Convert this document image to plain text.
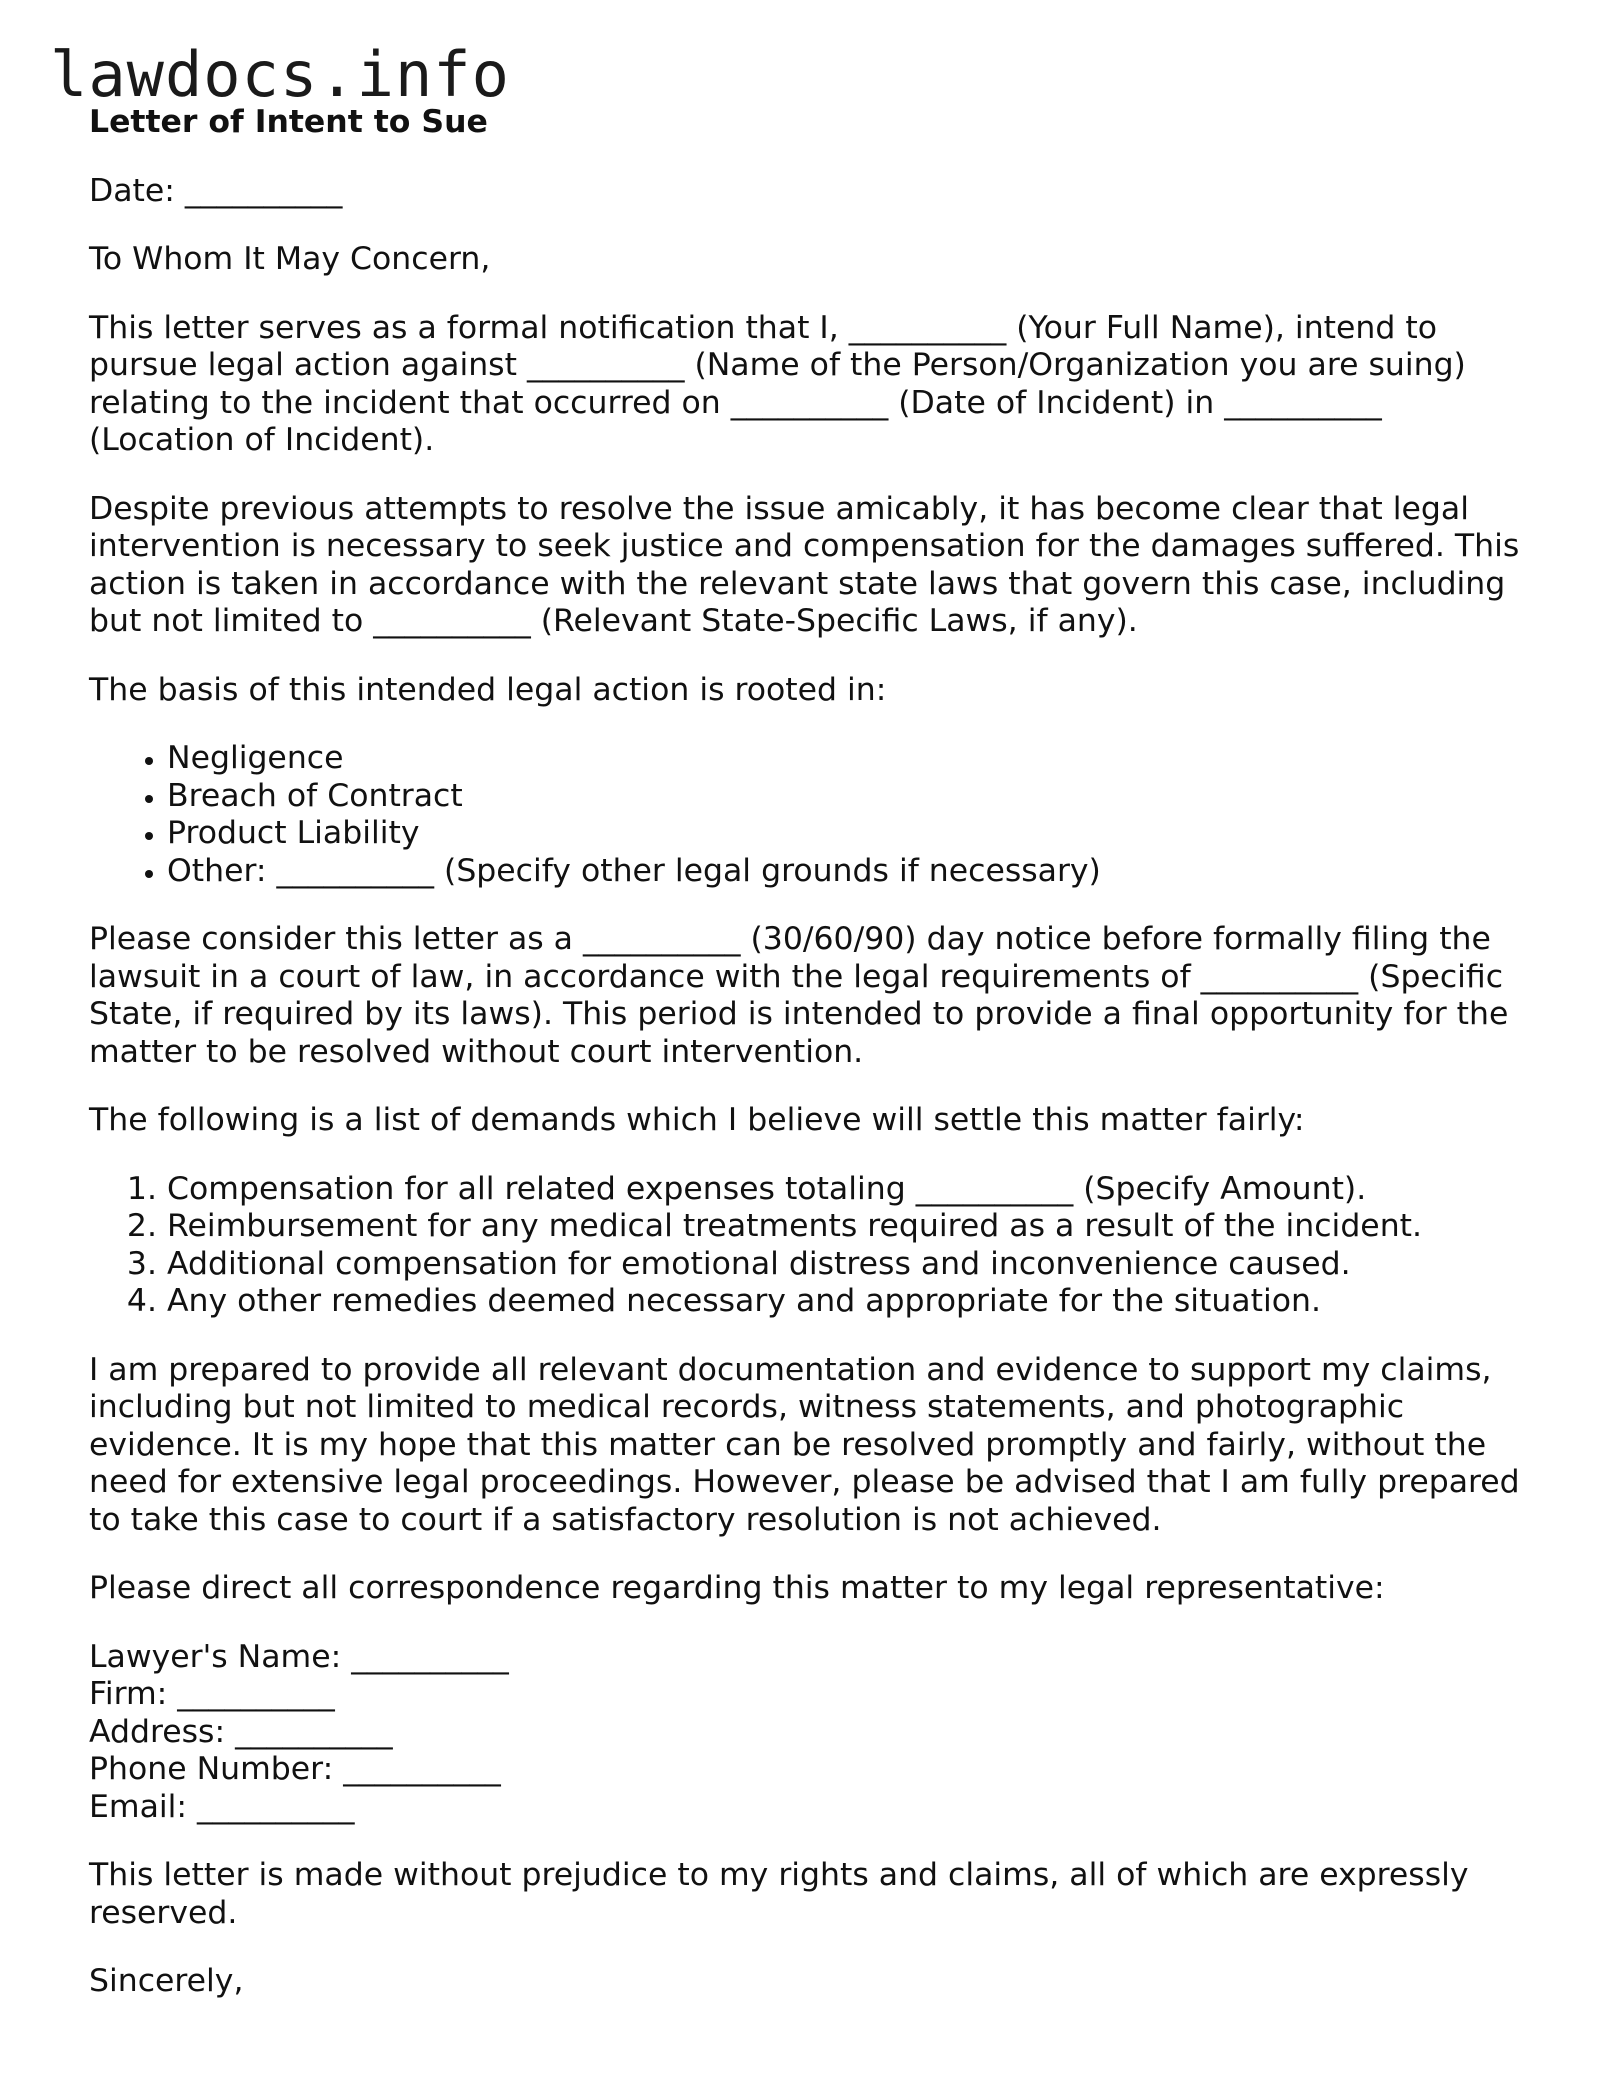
lawdocs.info
Letter of Intent to Sue

Date: __________

To Whom It May Concern,

This letter serves as a formal notification that I, __________ (Your Full Name), intend to pursue legal action against __________ (Name of the Person/Organization you are suing) relating to the incident that occurred on __________ (Date of Incident) in __________ (Location of Incident).

Despite previous attempts to resolve the issue amicably, it has become clear that legal intervention is necessary to seek justice and compensation for the damages suffered. This action is taken in accordance with the relevant state laws that govern this case, including but not limited to __________ (Relevant State-Specific Laws, if any).

The basis of this intended legal action is rooted in:

• Negligence
• Breach of Contract
• Product Liability
• Other: __________ (Specify other legal grounds if necessary)

Please consider this letter as a __________ (30/60/90) day notice before formally filing the lawsuit in a court of law, in accordance with the legal requirements of __________ (Specific State, if required by its laws). This period is intended to provide a final opportunity for the matter to be resolved without court intervention.

The following is a list of demands which I believe will settle this matter fairly:

1. Compensation for all related expenses totaling __________ (Specify Amount).
2. Reimbursement for any medical treatments required as a result of the incident.
3. Additional compensation for emotional distress and inconvenience caused.
4. Any other remedies deemed necessary and appropriate for the situation.

I am prepared to provide all relevant documentation and evidence to support my claims, including but not limited to medical records, witness statements, and photographic evidence. It is my hope that this matter can be resolved promptly and fairly, without the need for extensive legal proceedings. However, please be advised that I am fully prepared to take this case to court if a satisfactory resolution is not achieved.

Please direct all correspondence regarding this matter to my legal representative:

Lawyer's Name: __________
Firm: __________
Address: __________
Phone Number: __________
Email: __________

This letter is made without prejudice to my rights and claims, all of which are expressly reserved.

Sincerely,
